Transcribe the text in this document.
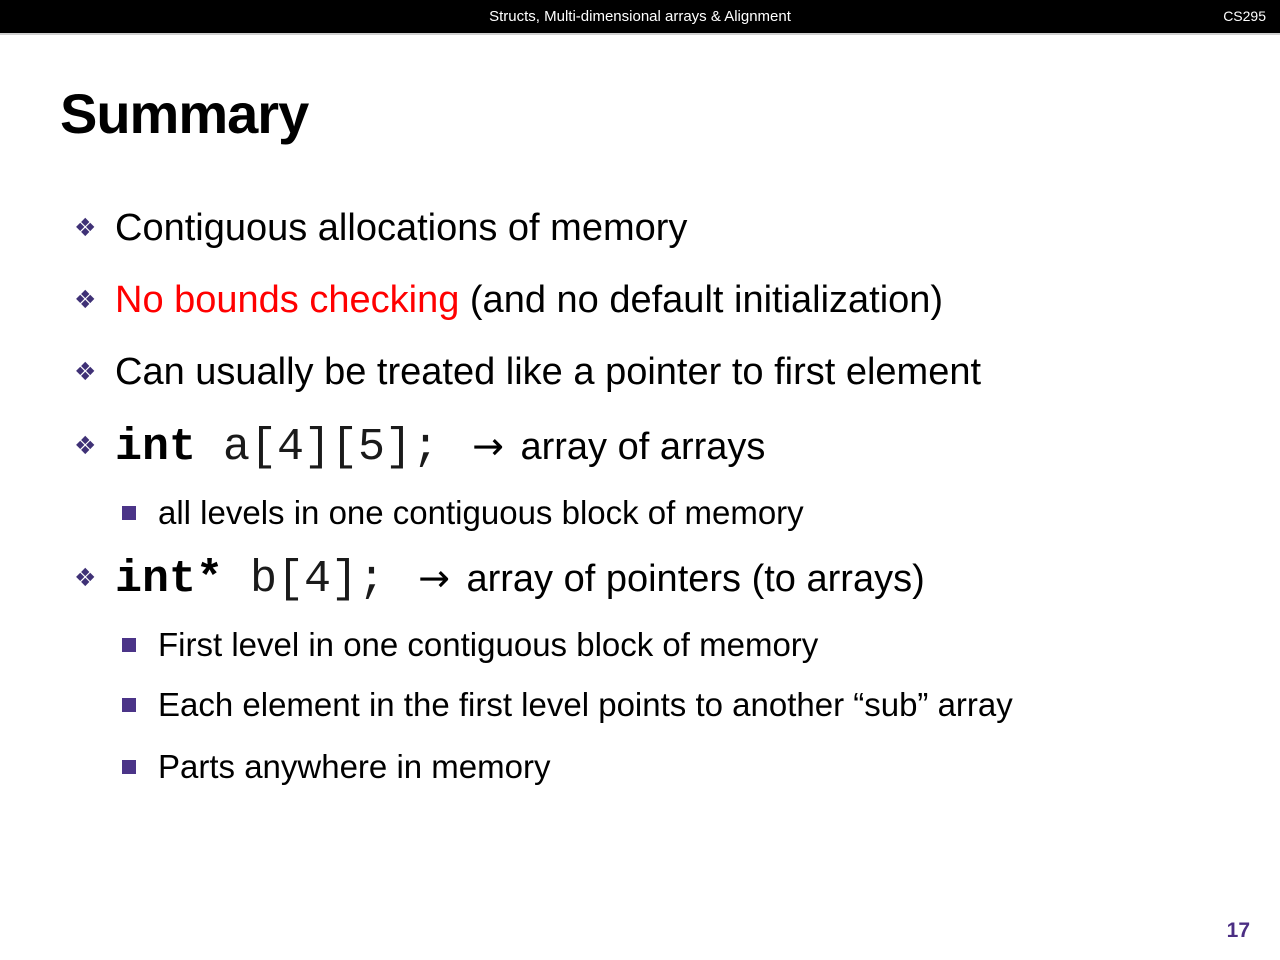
Structs, Multi-dimensional arrays & Alignment	CS295
Summary
❖ Contiguous allocations of memory
❖ No bounds checking (and no default initialization)
❖ Can usually be treated like a pointer to first element
❖ int a[4][5]; → array of arrays
all levels in one contiguous block of memory
❖ int* b[4]; → array of pointers (to arrays)
First level in one contiguous block of memory
Each element in the first level points to another “sub” array
Parts anywhere in memory
17
